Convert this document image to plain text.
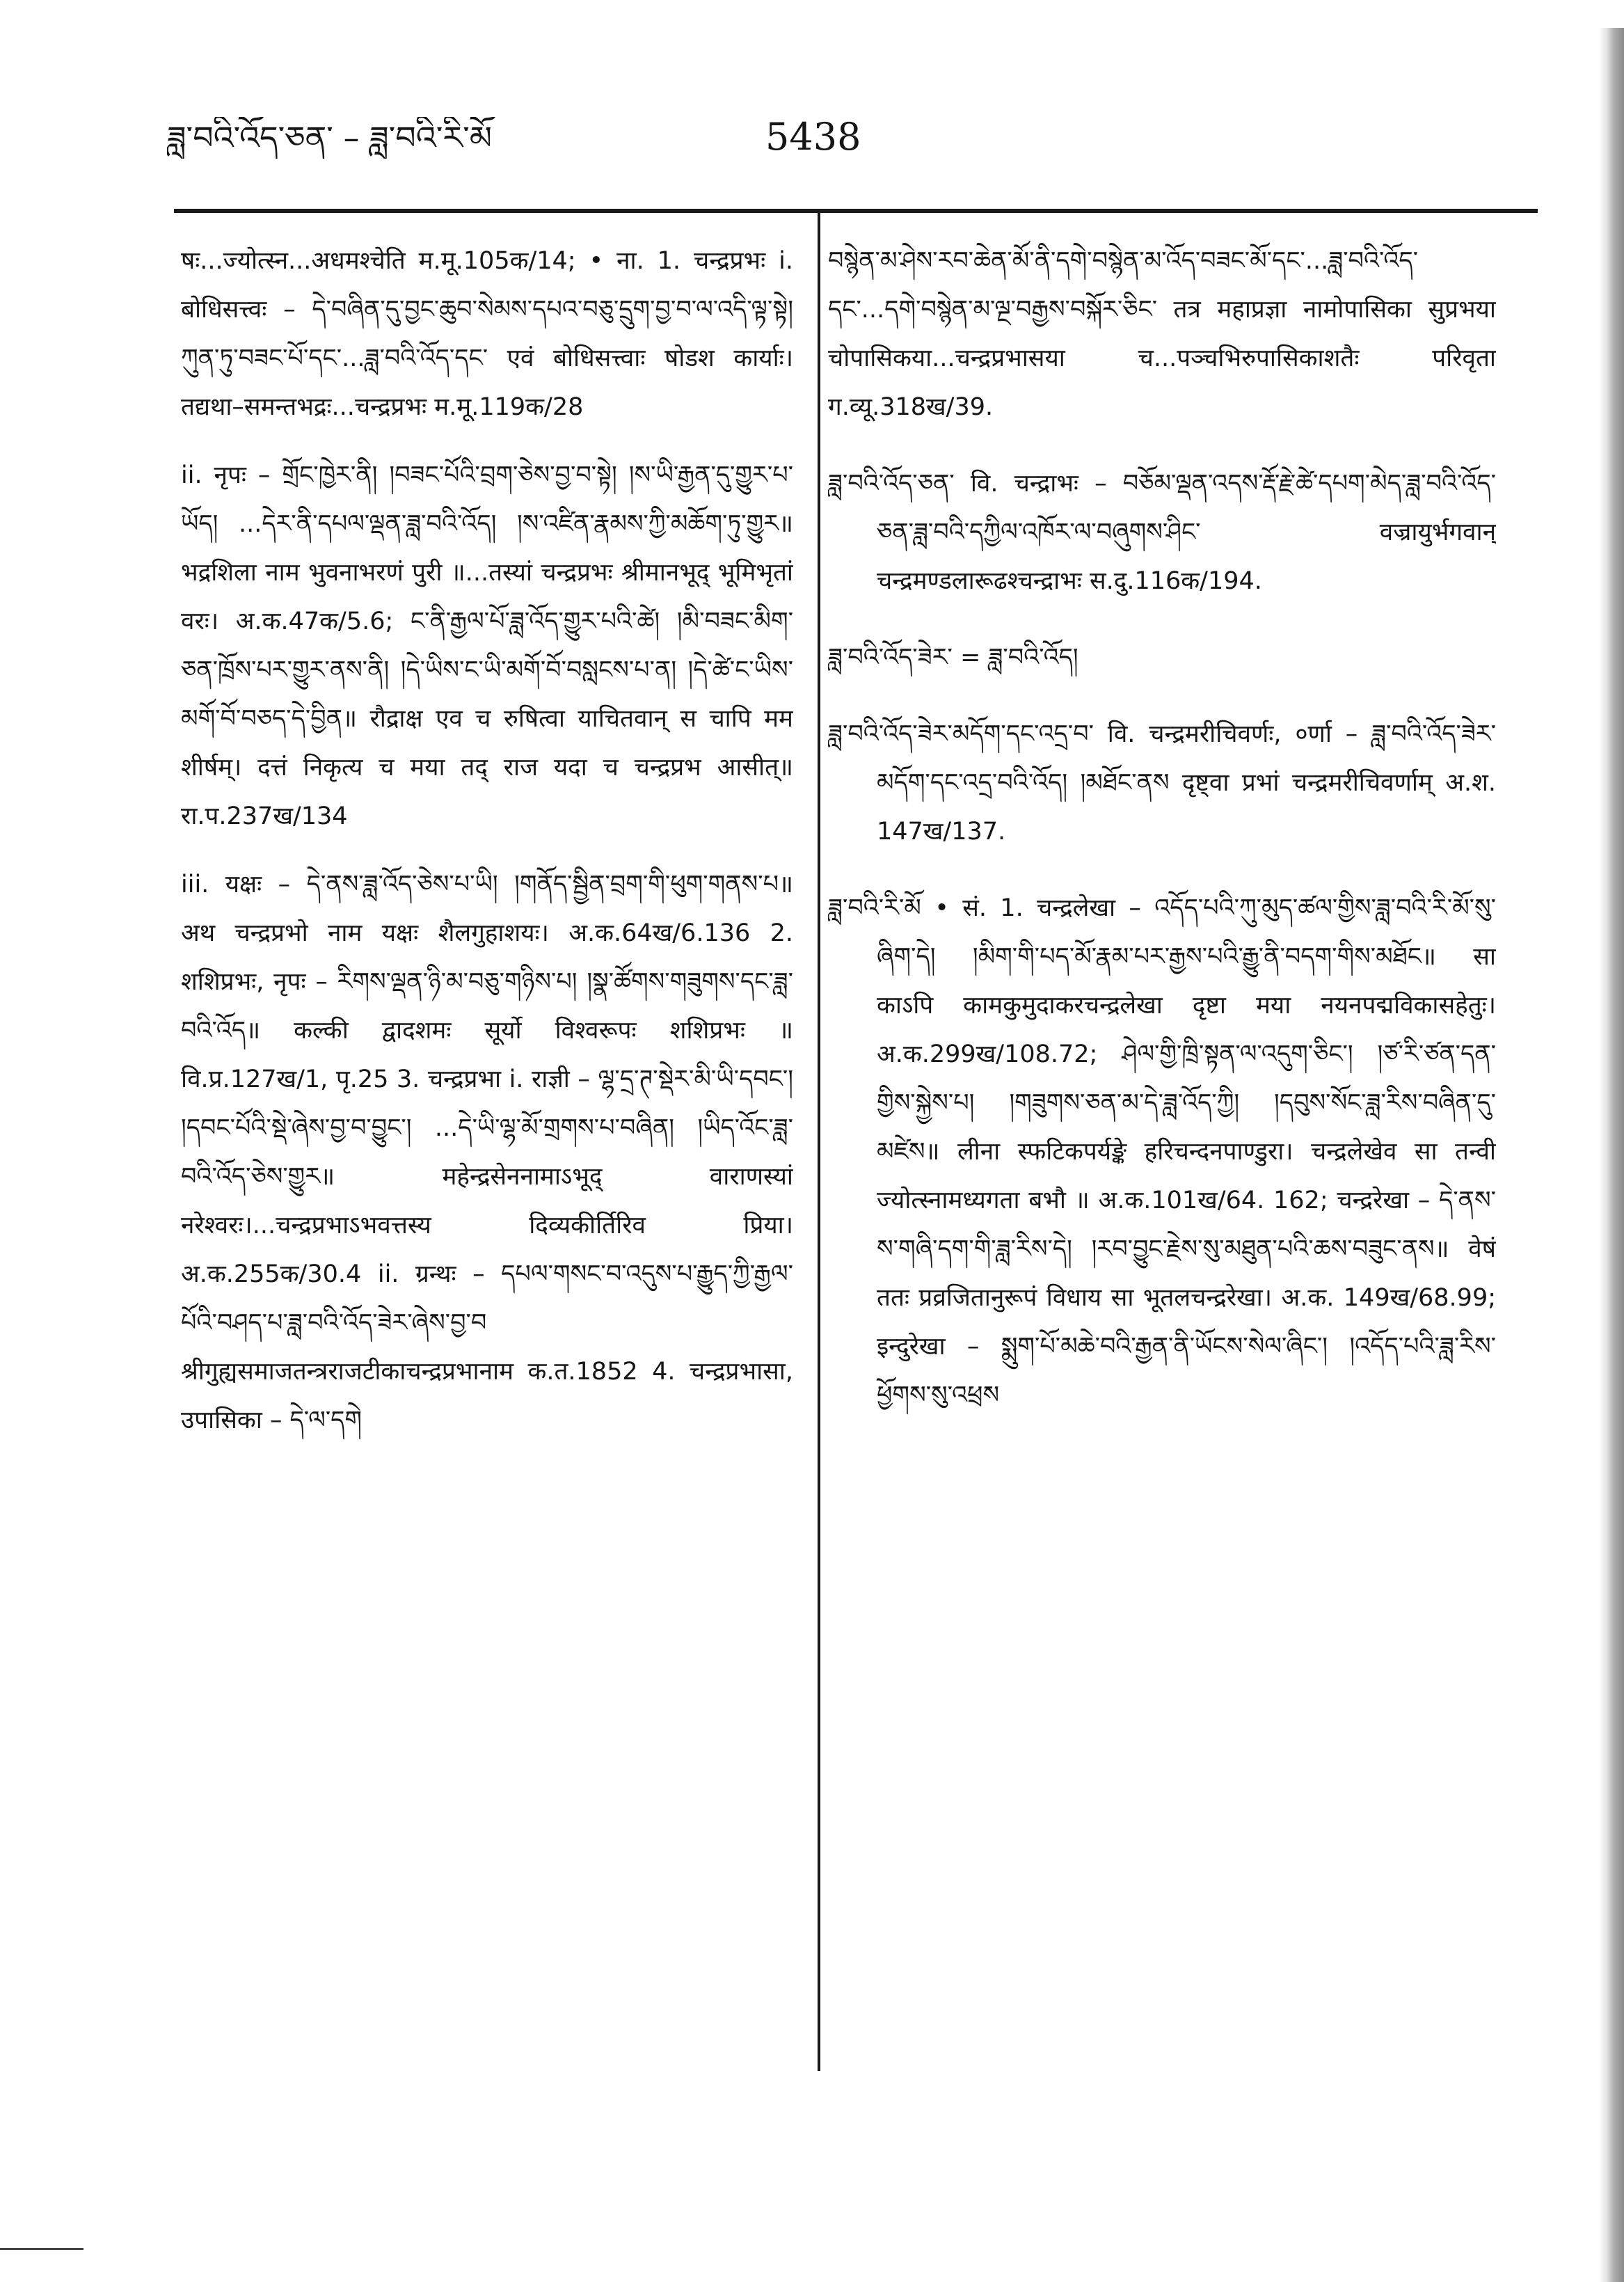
ཟླ་བའི་འོད་ཅན་ – ཟླ་བའི་རི་མོ	5438

षः...ज्योत्स्न...अधमश्चेति म.मू.105क/14; • ना. 1. चन्द्रप्रभः i. बोधिसत्त्वः – དེ་བཞིན་དུ་བྱང་ཆུབ་སེམས་དཔའ་བཅུ་དྲུག་བྱ་བ་ལ་འདི་ལྟ་སྟེ། ཀུན་ཏུ་བཟང་པོ་དང་...ཟླ་བའི་འོད་དང་ एवं बोधिसत्त्वाः षोडश कार्याः। तद्यथा–समन्तभद्रः...चन्द्रप्रभः म.मू.119क/28

ii. नृपः – གྲོང་ཁྱེར་ནི། །བཟང་པོའི་བྲག་ཅེས་བྱ་བ་སྟེ། །ས་ཡི་རྒྱན་དུ་གྱུར་པ་ཡོད། ...དེར་ནི་དཔལ་ལྡན་ཟླ་བའི་འོད། །ས་འཛིན་རྣམས་ཀྱི་མཆོག་ཏུ་གྱུར॥ भद्रशिला नाम भुवनाभरणं पुरी ॥...तस्यां चन्द्रप्रभः श्रीमानभूद् भूमिभृतां वरः। अ.क.47क/5.6; ང་ནི་རྒྱལ་པོ་ཟླ་འོད་གྱུར་པའི་ཚེ། །མི་བཟང་མིག་ཅན་ཁྲོས་པར་གྱུར་ནས་ནི། །དེ་ཡིས་ང་ཡི་མགོ་བོ་བསླངས་པ་ན། །དེ་ཚེ་ང་ཡིས་མགོ་བོ་བཅད་དེ་བྱིན॥ रौद्राक्ष एव च रुषित्वा याचितवान् स चापि मम शीर्षम्। दत्तं निकृत्य च मया तद् राज यदा च चन्द्रप्रभ आसीत्॥ रा.प.237ख/134

iii. यक्षः – དེ་ནས་ཟླ་འོད་ཅེས་པ་ཡི། །གནོད་སྦྱིན་བྲག་གི་ཕུག་གནས་པ॥ अथ चन्द्रप्रभो नाम यक्षः शैलगुहाशयः। अ.क.64ख/6.136 2. शशिप्रभः, नृपः – རིགས་ལྡན་ཉི་མ་བཅུ་གཉིས་པ། །སྣ་ཚོགས་གཟུགས་དང་ཟླ་བའི་འོད॥ कल्की द्वादशमः सूर्यो विश्वरूपः शशिप्रभः ॥ वि.प्र.127ख/1, पृ.25 3. चन्द्रप्रभा i. राज्ञी – ལྷ་དྲ་ཊ་སྡེར་མི་ཡི་དབང་། །དབང་པོའི་སྡེ་ཞེས་བྱ་བ་བྱུང་། ...དེ་ཡི་ལྷ་མོ་གྲགས་པ་བཞིན། །ཡིད་འོང་ཟླ་བའི་འོད་ཅེས་གྱུར॥ महेन्द्रसेननामाऽभूद् वाराणस्यां नरेश्वरः।...चन्द्रप्रभाऽभवत्तस्य दिव्यकीर्तिरिव प्रिया। अ.क.255क/30.4 ii. ग्रन्थः – དཔལ་གསང་བ་འདུས་པ་རྒྱུད་ཀྱི་རྒྱལ་པོའི་བཤད་པ་ཟླ་བའི་འོད་ཟེར་ཞེས་བྱ་བ श्रीगुह्यसमाजतन्त्रराजटीकाचन्द्रप्रभानाम क.त.1852 4. चन्द्रप्रभासा, उपासिका – དེ་ལ་དགེ

བསྙེན་མ་ཤེས་རབ་ཆེན་མོ་ནི་དགེ་བསྙེན་མ་འོད་བཟང་མོ་དང་...ཟླ་བའི་འོད་དང་...དགེ་བསྙེན་མ་ལྔ་བརྒྱས་བསྐོར་ཅིང་ तत्र महाप्रज्ञा नामोपासिका सुप्रभया चोपासिकया...चन्द्रप्रभासया च...पञ्चभिरुपासिकाशतैः परिवृता ग.व्यू.318ख/39.

ཟླ་བའི་འོད་ཅན་ वि. चन्द्राभः – བཅོམ་ལྡན་འདས་རྡོ་རྗེ་ཚེ་དཔག་མེད་ཟླ་བའི་འོད་ཅན་ཟླ་བའི་དཀྱིལ་འཁོར་ལ་བཞུགས་ཤིང་ वज्रायुर्भगवान् चन्द्रमण्डलारूढश्चन्द्राभः स.दु.116क/194.

ཟླ་བའི་འོད་ཟེར་ = ཟླ་བའི་འོད།

ཟླ་བའི་འོད་ཟེར་མདོག་དང་འདྲ་བ་ वि. चन्द्रमरीचिवर्णः, ०र्णा – ཟླ་བའི་འོད་ཟེར་མདོག་དང་འདྲ་བའི་འོད། །མཐོང་ནས दृष्ट्वा प्रभां चन्द्रमरीचिवर्णाम् अ.श. 147ख/137.

ཟླ་བའི་རི་མོ • सं. 1. चन्द्रलेखा – འདོད་པའི་ཀུ་མུད་ཚལ་གྱིས་ཟླ་བའི་རི་མོ་སུ་ཞིག་དེ། །མིག་གི་པད་མོ་རྣམ་པར་རྒྱས་པའི་རྒྱུ་ནི་བདག་གིས་མཐོང॥ सा काऽपि कामकुमुदाकरचन्द्रलेखा दृष्टा मया नयनपद्मविकासहेतुः। अ.क.299ख/108.72; ཤེལ་གྱི་ཁྲི་སྟན་ལ་འདུག་ཅིང་། །ཙ་རི་ཙན་དན་གྱིས་སྐྱེས་པ། །གཟུགས་ཅན་མ་དེ་ཟླ་འོད་ཀྱི། །དབུས་སོང་ཟླ་རིས་བཞིན་དུ་མཛེས॥ लीना स्फटिकपर्यङ्के हरिचन्दनपाण्डुरा। चन्द्रलेखेव सा तन्वी ज्योत्स्नामध्यगता बभौ ॥ अ.क.101ख/64. 162; चन्द्ररेखा – དེ་ནས་ས་གཞི་དག་གི་ཟླ་རིས་དེ། །རབ་བྱུང་རྗེས་སུ་མཐུན་པའི་ཆས་བཟུང་ནས॥ वेषं ततः प्रव्रजितानुरूपं विधाय सा भूतलचन्द्ररेखा। अ.क. 149ख/68.99; इन्दुरेखा – སྨུག་པོ་མཆེ་བའི་རྒྱན་ནི་ཡོངས་སེལ་ཞིང་། །འདོད་པའི་ཟླ་རིས་ཕྱོགས་སུ་འཕྲས
